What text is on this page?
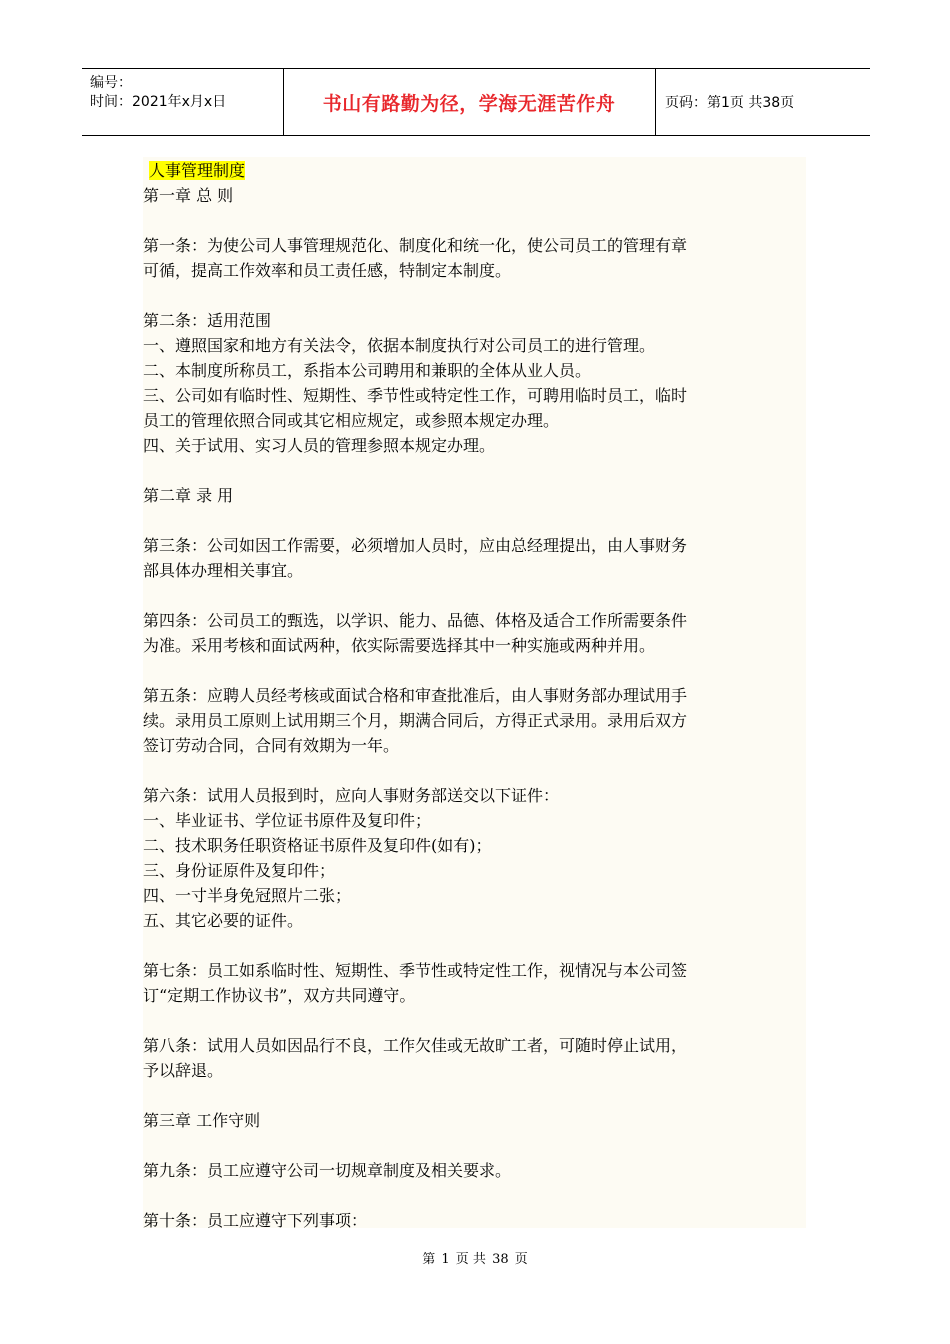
编号：
时间：2021年x月x日	书山有路勤为径，学海无涯苦作舟	页码：第1页 共38页
人事管理制度
第一章 总 则
第一条：为使公司人事管理规范化、制度化和统一化，使公司员工的管理有章
可循，提高工作效率和员工责任感，特制定本制度。
第二条：适用范围
一、遵照国家和地方有关法令，依据本制度执行对公司员工的进行管理。
二、本制度所称员工，系指本公司聘用和兼职的全体从业人员。
三、公司如有临时性、短期性、季节性或特定性工作，可聘用临时员工，临时
员工的管理依照合同或其它相应规定，或参照本规定办理。
四、关于试用、实习人员的管理参照本规定办理。
第二章 录 用
第三条：公司如因工作需要，必须增加人员时，应由总经理提出，由人事财务
部具体办理相关事宜。
第四条：公司员工的甄选，以学识、能力、品德、体格及适合工作所需要条件
为准。采用考核和面试两种，依实际需要选择其中一种实施或两种并用。
第五条：应聘人员经考核或面试合格和审查批准后，由人事财务部办理试用手
续。录用员工原则上试用期三个月，期满合同后，方得正式录用。录用后双方
签订劳动合同，合同有效期为一年。
第六条：试用人员报到时，应向人事财务部送交以下证件：
一、毕业证书、学位证书原件及复印件；
二、技术职务任职资格证书原件及复印件(如有)；
三、身份证原件及复印件；
四、一寸半身免冠照片二张；
五、其它必要的证件。
第七条：员工如系临时性、短期性、季节性或特定性工作，视情况与本公司签
订“定期工作协议书”，双方共同遵守。
第八条：试用人员如因品行不良，工作欠佳或无故旷工者，可随时停止试用，
予以辞退。
第三章 工作守则
第九条：员工应遵守公司一切规章制度及相关要求。
第十条：员工应遵守下列事项：
第 1 页 共 38 页
